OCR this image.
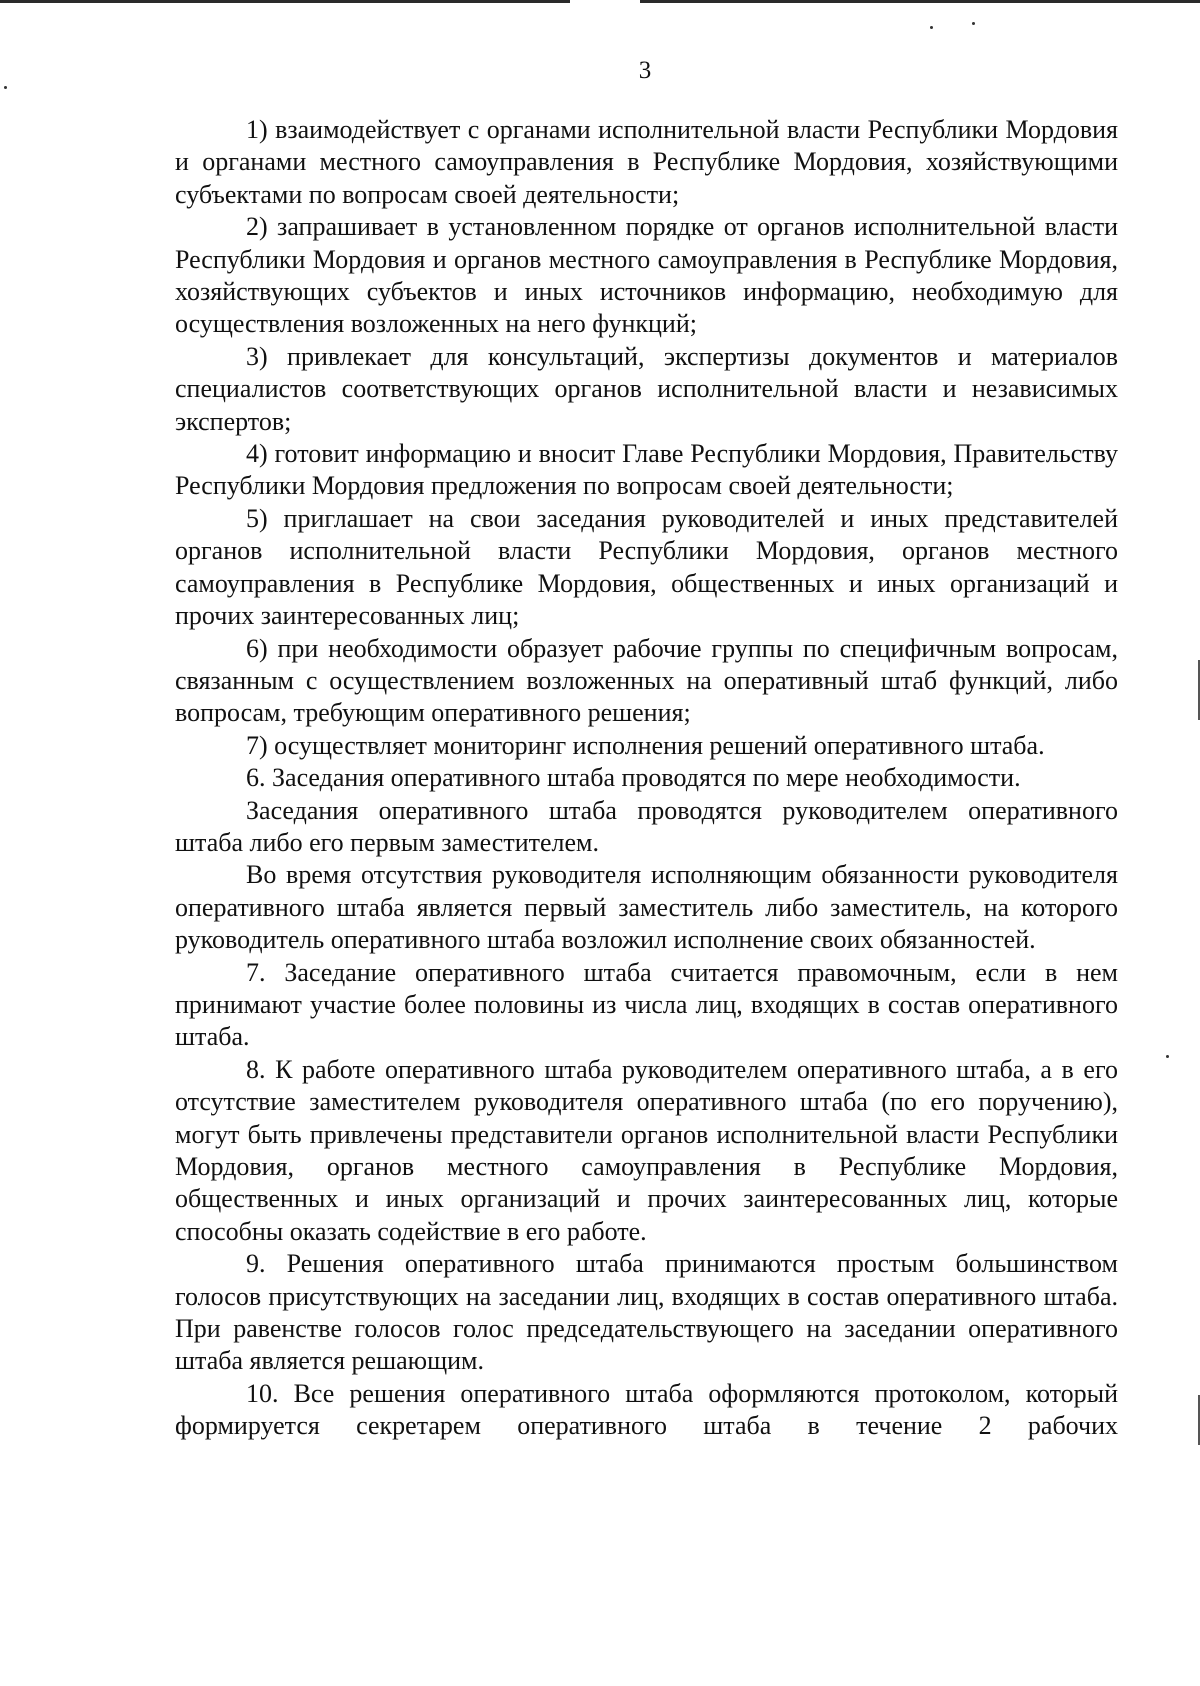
3

1) взаимодействует с органами исполнительной власти Республики Мордовия и органами местного самоуправления в Республике Мордовия, хозяйствующими субъектами по вопросам своей деятельности;

2) запрашивает в установленном порядке от органов исполнительной власти Республики Мордовия и органов местного самоуправления в Республике Мордовия, хозяйствующих субъектов и иных источников информацию, необходимую для осуществления возложенных на него функций;

3) привлекает для консультаций, экспертизы документов и материалов специалистов соответствующих органов исполнительной власти и независимых экспертов;

4) готовит информацию и вносит Главе Республики Мордовия, Правительству Республики Мордовия предложения по вопросам своей деятельности;

5) приглашает на свои заседания руководителей и иных представителей органов исполнительной власти Республики Мордовия, органов местного самоуправления в Республике Мордовия, общественных и иных организаций и прочих заинтересованных лиц;

6) при необходимости образует рабочие группы по специфичным вопросам, связанным с осуществлением возложенных на оперативный штаб функций, либо вопросам, требующим оперативного решения;

7) осуществляет мониторинг исполнения решений оперативного штаба.

6. Заседания оперативного штаба проводятся по мере необходимости.

Заседания оперативного штаба проводятся руководителем оперативного штаба либо его первым заместителем.

Во время отсутствия руководителя исполняющим обязанности руководителя оперативного штаба является первый заместитель либо заместитель, на которого руководитель оперативного штаба возложил исполнение своих обязанностей.

7. Заседание оперативного штаба считается правомочным, если в нем принимают участие более половины из числа лиц, входящих в состав оперативного штаба.

8. К работе оперативного штаба руководителем оперативного штаба, а в его отсутствие заместителем руководителя оперативного штаба (по его поручению), могут быть привлечены представители органов исполнительной власти Республики Мордовия, органов местного самоуправления в Республике Мордовия, общественных и иных организаций и прочих заинтересованных лиц, которые способны оказать содействие в его работе.

9. Решения оперативного штаба принимаются простым большинством голосов присутствующих на заседании лиц, входящих в состав оперативного штаба. При равенстве голосов голос председательствующего на заседании оперативного штаба является решающим.

10. Все решения оперативного штаба оформляются протоколом, который формируется секретарем оперативного штаба в течение 2 рабочих
